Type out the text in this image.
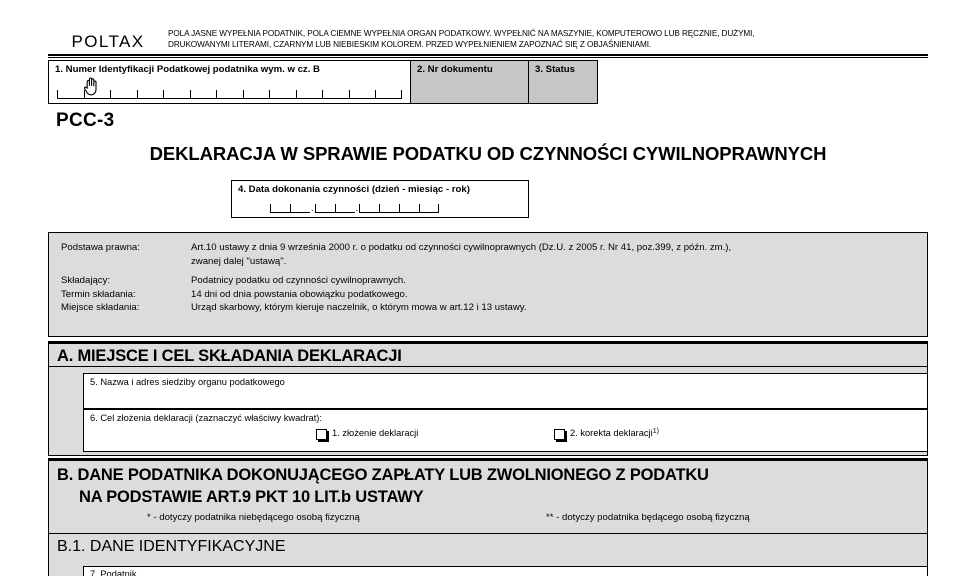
POLTAX	POLA JASNE WYPEŁNIA PODATNIK, POLA CIEMNE WYPEŁNIA ORGAN PODATKOWY. WYPEŁNIĆ NA MASZYNIE, KOMPUTEROWO LUB RĘCZNIE, DUŻYMI,
DRUKOWANYMI LITERAMI, CZARNYM LUB NIEBIESKIM KOLOREM. PRZED WYPEŁNIENIEM ZAPOZNAĆ SIĘ Z OBJAŚNIENIAMI.
1. Numer Identyfikacji Podatkowej podatnika wym. w cz. B	2. Nr dokumentu	3. Status
PCC-3
DEKLARACJA W SPRAWIE PODATKU OD CZYNNOŚCI CYWILNOPRAWNYCH
4. Data dokonania czynności (dzień - miesiąc - rok)
.	.
Podstawa prawna:	Art.10 ustawy z dnia 9 września 2000 r. o podatku od czynności cywilnoprawnych (Dz.U. z 2005 r. Nr 41, poz.399, z późn. zm.),
zwanej dalej "ustawą".
Składający:	Podatnicy podatku od czynności cywilnoprawnych.
Termin składania:	14 dni od dnia powstania obowiązku podatkowego.
Miejsce składania:	Urząd skarbowy, którym kieruje naczelnik, o którym mowa w art.12 i 13 ustawy.
A. MIEJSCE I CEL SKŁADANIA DEKLARACJI
5. Nazwa i adres siedziby organu podatkowego
6. Cel złożenia deklaracji (zaznaczyć właściwy kwadrat):
1. złożenie deklaracji	2. korekta deklaracji 1)
B. DANE PODATNIKA DOKONUJĄCEGO ZAPŁATY LUB ZWOLNIONEGO Z PODATKU
NA PODSTAWIE ART.9 PKT 10 LIT.b USTAWY
* - dotyczy podatnika niebędącego osobą fizyczną	** - dotyczy podatnika będącego osobą fizyczną
B.1. DANE IDENTYFIKACYJNE
7. Podatnik
